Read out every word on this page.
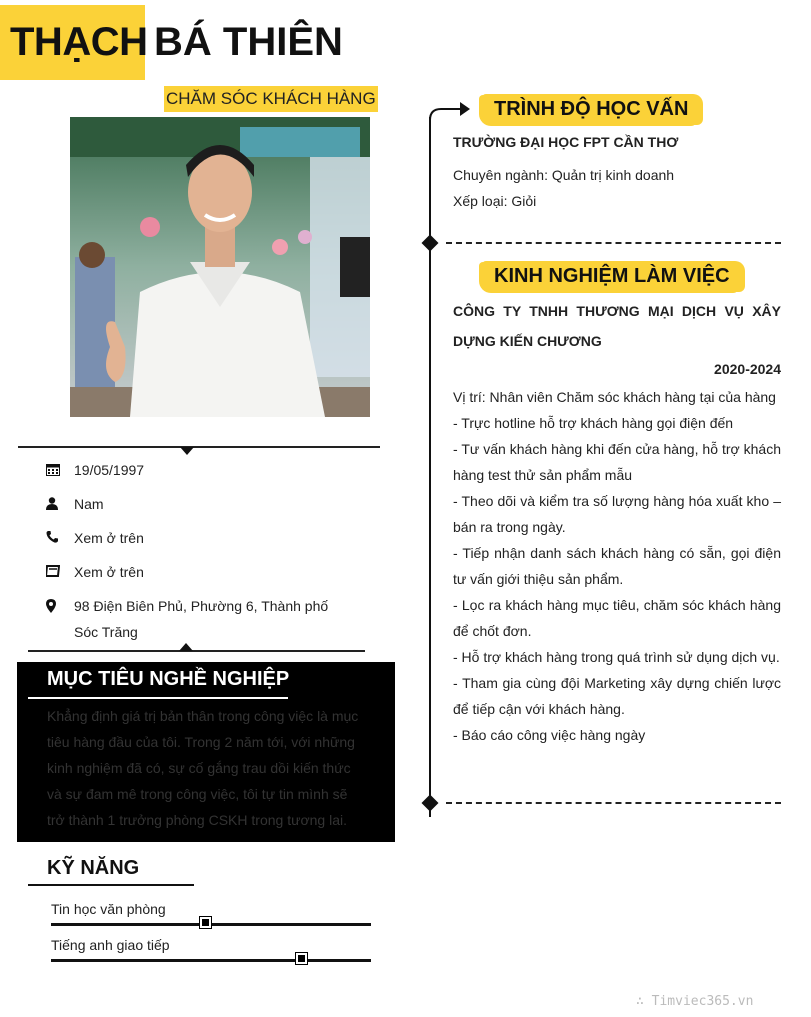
THẠCH BÁ THIÊN
CHĂM SÓC KHÁCH HÀNG
19/05/1997
Nam
Xem ở trên
Xem ở trên
98 Điện Biên Phủ, Phường 6, Thành phố
Sóc Trăng
MỤC TIÊU NGHỀ NGHIỆP
Khẳng định giá trị bản thân trong công việc là mục
tiêu hàng đầu của tôi. Trong 2 năm tới, với những
kinh nghiệm đã có, sự cố gắng trau dồi kiến thức
và sự đam mê trong công việc, tôi tự tin mình sẽ
trở thành 1 trưởng phòng CSKH trong tương lai.
KỸ NĂNG
Tin học văn phòng
Tiếng anh giao tiếp
TRÌNH ĐỘ HỌC VẤN
TRƯỜNG ĐẠI HỌC FPT CẦN THƠ
Chuyên ngành: Quản trị kinh doanh
Xếp loại: Giỏi
KINH NGHIỆM LÀM VIỆC
CÔNG TY TNHH THƯƠNG MẠI DỊCH VỤ XÂY
DỰNG KIẾN CHƯƠNG
2020-2024
Vị trí: Nhân viên Chăm sóc khách hàng tại của hàng
- Trực hotline hỗ trợ khách hàng gọi điện đến
- Tư vấn khách hàng khi đến cửa hàng, hỗ trợ khách
hàng test thử sản phẩm mẫu
- Theo dõi và kiểm tra số lượng hàng hóa xuất kho –
bán ra trong ngày.
- Tiếp nhận danh sách khách hàng có sẵn, gọi điện
tư vấn giới thiệu sản phẩm.
- Lọc ra khách hàng mục tiêu, chăm sóc khách hàng
để chốt đơn.
- Hỗ trợ khách hàng trong quá trình sử dụng dịch vụ.
- Tham gia cùng đội Marketing xây dựng chiến lược
để tiếp cận với khách hàng.
- Báo cáo công việc hàng ngày
∴ Timviec365.vn
